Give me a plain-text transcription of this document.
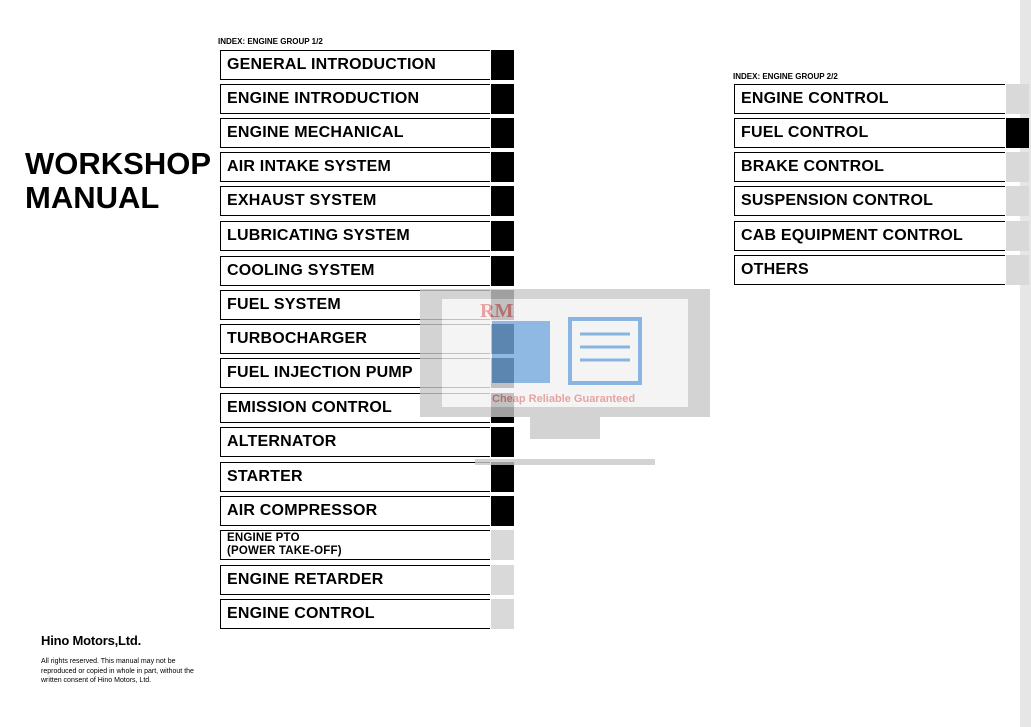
WORKSHOP
MANUAL
INDEX: ENGINE GROUP 1/2
GENERAL INTRODUCTION
ENGINE INTRODUCTION
ENGINE MECHANICAL
AIR INTAKE SYSTEM
EXHAUST SYSTEM
LUBRICATING SYSTEM
COOLING SYSTEM
FUEL SYSTEM
TURBOCHARGER
FUEL INJECTION PUMP
EMISSION CONTROL
ALTERNATOR
STARTER
AIR COMPRESSOR
ENGINE PTO
(POWER TAKE-OFF)
ENGINE RETARDER
ENGINE CONTROL
INDEX: ENGINE GROUP 2/2
ENGINE CONTROL
FUEL CONTROL
BRAKE CONTROL
SUSPENSION CONTROL
CAB EQUIPMENT CONTROL
OTHERS
Hino Motors,Ltd.
All rights reserved. This manual may not be reproduced or copied in whole in part, without the written consent of Hino Motors, Ltd.
RM
Cheap Reliable Guaranteed
